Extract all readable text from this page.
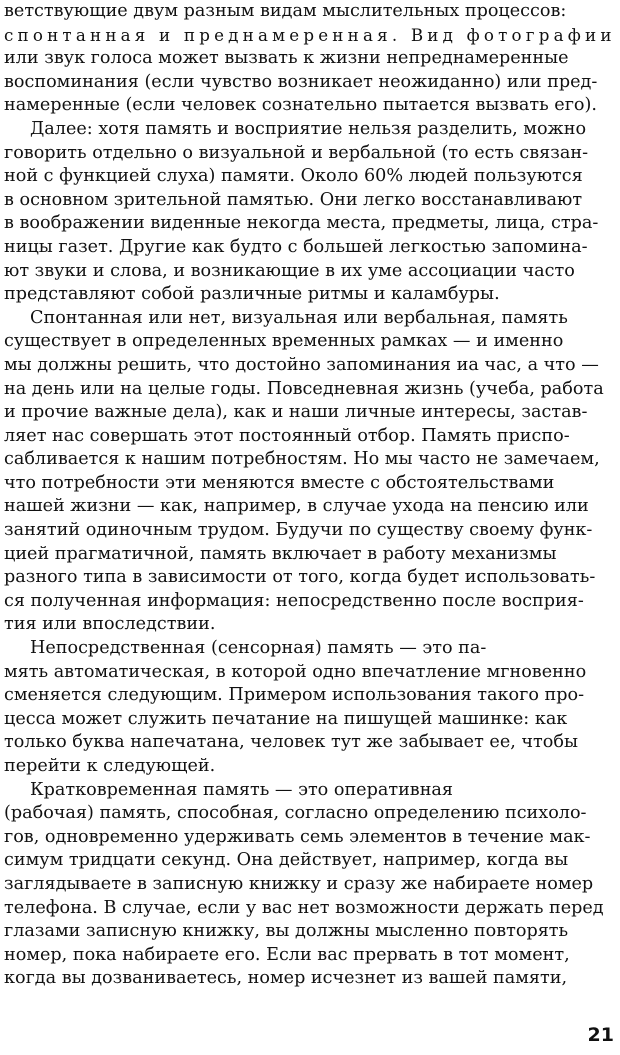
ветствующие двум разным видам мыслительных процессов:
спонтанная и преднамеренная. Вид фотографии
или звук голоса может вызвать к жизни непреднамеренные
воспоминания (если чувство возникает неожиданно) или пред-
намеренные (если человек сознательно пытается вызвать его).
Далее: хотя память и восприятие нельзя разделить, можно
говорить отдельно о визуальной и вербальной (то есть связан-
ной с функцией слуха) памяти. Около 60% людей пользуются
в основном зрительной памятью. Они легко восстанавливают
в воображении виденные некогда места, предметы, лица, стра-
ницы газет. Другие как будто с большей легкостью запомина-
ют звуки и слова, и возникающие в их уме ассоциации часто
представляют собой различные ритмы и каламбуры.
Спонтанная или нет, визуальная или вербальная, память
существует в определенных временных рамках — и именно
мы должны решить, что достойно запоминания иа час, а что —
на день или на целые годы. Повседневная жизнь (учеба, работа
и прочие важные дела), как и наши личные интересы, застав-
ляет нас совершать этот постоянный отбор. Память приспо-
сабливается к нашим потребностям. Но мы часто не замечаем,
что потребности эти меняются вместе с обстоятельствами
нашей жизни — как, например, в случае ухода на пенсию или
занятий одиночным трудом. Будучи по существу своему функ-
цией прагматичной, память включает в работу механизмы
разного типа в зависимости от того, когда будет использовать-
ся полученная информация: непосредственно после восприя-
тия или впоследствии.
Непосредственная (сенсорная) память — это па-
мять автоматическая, в которой одно впечатление мгновенно
сменяется следующим. Примером использования такого про-
цесса может служить печатание на пишущей машинке: как
только буква напечатана, человек тут же забывает ее, чтобы
перейти к следующей.
Кратковременная память — это оперативная
(рабочая) память, способная, согласно определению психоло-
гов, одновременно удерживать семь элементов в течение мак-
симум тридцати секунд. Она действует, например, когда вы
заглядываете в записную книжку и сразу же набираете номер
телефона. В случае, если у вас нет возможности держать перед
глазами записную книжку, вы должны мысленно повторять
номер, пока набираете его. Если вас прервать в тот момент,
когда вы дозваниваетесь, номер исчезнет из вашей памяти,
21
